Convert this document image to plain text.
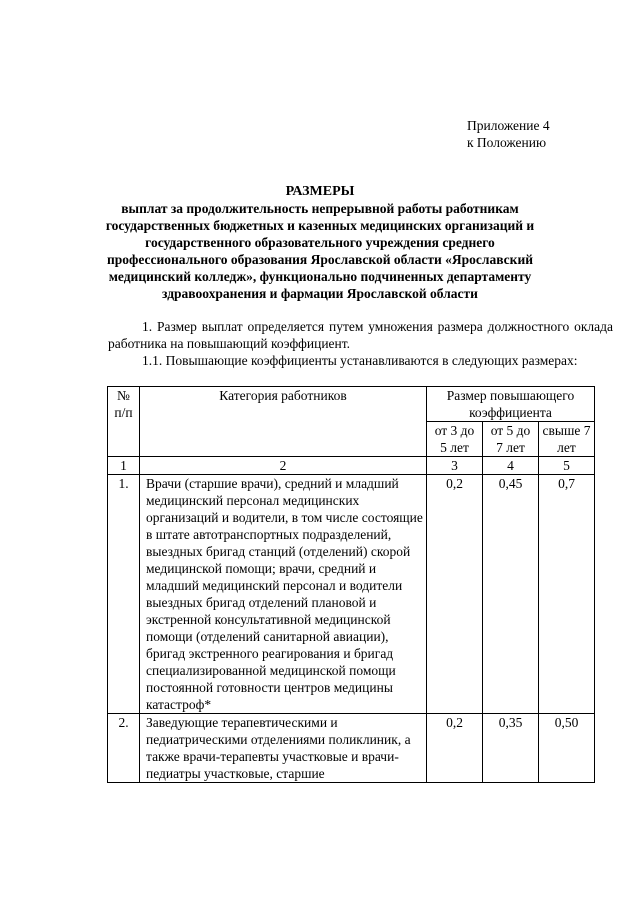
Приложение 4
к Положению
РАЗМЕРЫ
выплат за продолжительность непрерывной работы работникам
государственных бюджетных и казенных медицинских организаций и
государственного образовательного учреждения среднего
профессионального образования Ярославской области «Ярославский
медицинский колледж», функционально подчиненных департаменту
здравоохранения и фармации Ярославской области
1. Размер выплат определяется путем умножения размера должностного оклада работника на повышающий коэффициент.
1.1. Повышающие коэффициенты устанавливаются в следующих размерах:
№ п/п	Категория работников	Размер повышающего коэффициента		
		от 3 до 5 лет	от 5 до 7 лет	свыше 7 лет
1	2	3	4	5
1.	Врачи (старшие врачи), средний и младший медицинский персонал медицинских организаций и водители, в том числе состоящие в штате автотранспортных подразделений, выездных бригад станций (отделений) скорой медицинской помощи; врачи, средний и младший медицинский персонал и водители выездных бригад отделений плановой и экстренной консультативной медицинской помощи (отделений санитарной авиации), бригад экстренного реагирования и бригад специализированной медицинской помощи постоянной готовности центров медицины катастроф*	0,2	0,45	0,7
2.	Заведующие терапевтическими и педиатрическими отделениями поликлиник, а также врачи-терапевты участковые и врачи-педиатры участковые, старшие	0,2	0,35	0,50
